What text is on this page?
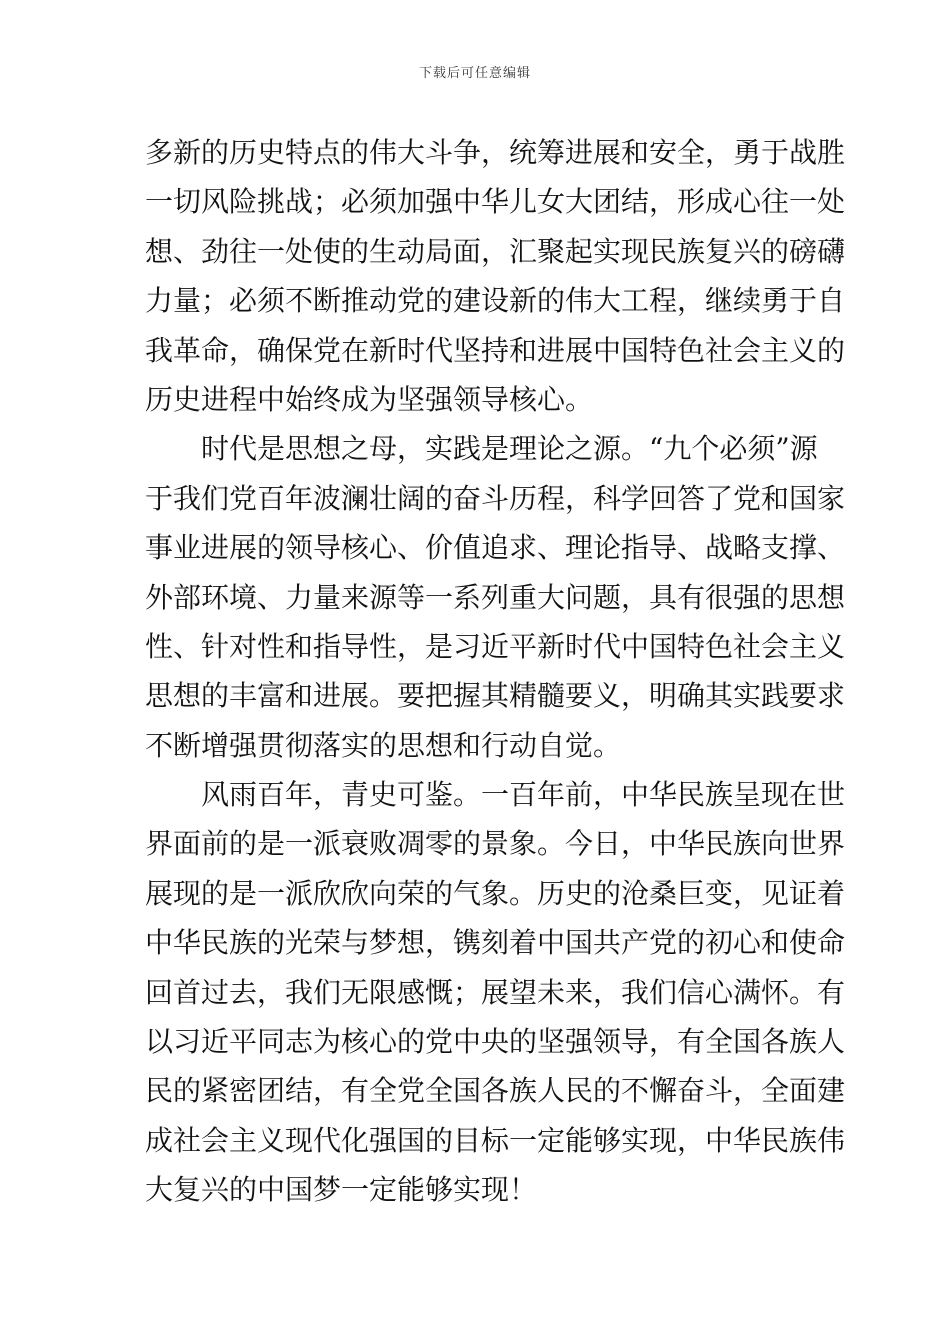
下载后可任意编辑
多新的历史特点的伟大斗争，统筹进展和安全，勇于战胜
一切风险挑战；必须加强中华儿女大团结，形成心往一处
想、劲往一处使的生动局面，汇聚起实现民族复兴的磅礴
力量；必须不断推动党的建设新的伟大工程，继续勇于自
我革命，确保党在新时代坚持和进展中国特色社会主义的
历史进程中始终成为坚强领导核心。
时代是思想之母，实践是理论之源。“九个必须”源
于我们党百年波澜壮阔的奋斗历程，科学回答了党和国家
事业进展的领导核心、价值追求、理论指导、战略支撑、
外部环境、力量来源等一系列重大问题，具有很强的思想
性、针对性和指导性，是习近平新时代中国特色社会主义
思想的丰富和进展。要把握其精髓要义，明确其实践要求
不断增强贯彻落实的思想和行动自觉。
风雨百年，青史可鉴。一百年前，中华民族呈现在世
界面前的是一派衰败凋零的景象。今日，中华民族向世界
展现的是一派欣欣向荣的气象。历史的沧桑巨变，见证着
中华民族的光荣与梦想，镌刻着中国共产党的初心和使命
回首过去，我们无限感慨；展望未来，我们信心满怀。有
以习近平同志为核心的党中央的坚强领导，有全国各族人
民的紧密团结，有全党全国各族人民的不懈奋斗，全面建
成社会主义现代化强国的目标一定能够实现，中华民族伟
大复兴的中国梦一定能够实现！
